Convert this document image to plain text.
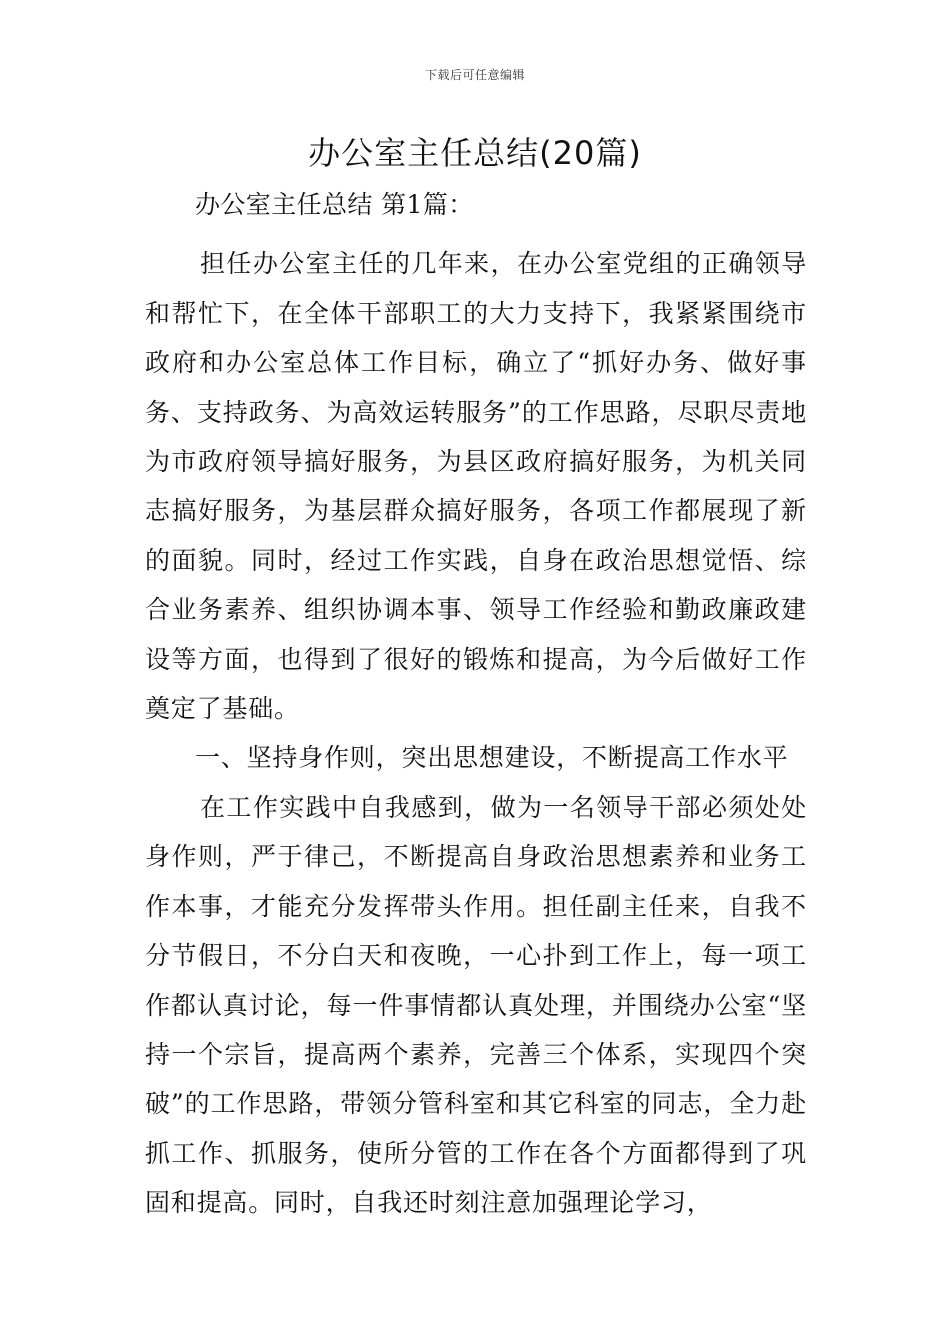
下载后可任意编辑
办公室主任总结(20篇)

办公室主任总结 第1篇：

担任办公室主任的几年来，在办公室党组的正确领导和帮忙下，在全体干部职工的大力支持下，我紧紧围绕市政府和办公室总体工作目标，确立了“抓好办务、做好事务、支持政务、为高效运转服务”的工作思路，尽职尽责地为市政府领导搞好服务，为县区政府搞好服务，为机关同志搞好服务，为基层群众搞好服务，各项工作都展现了新的面貌。同时，经过工作实践，自身在政治思想觉悟、综合业务素养、组织协调本事、领导工作经验和勤政廉政建设等方面，也得到了很好的锻炼和提高，为今后做好工作奠定了基础。

一、坚持身作则，突出思想建设，不断提高工作水平

在工作实践中自我感到，做为一名领导干部必须处处身作则，严于律己，不断提高自身政治思想素养和业务工作本事，才能充分发挥带头作用。担任副主任来，自我不分节假日，不分白天和夜晚，一心扑到工作上，每一项工作都认真讨论，每一件事情都认真处理，并围绕办公室“坚持一个宗旨，提高两个素养，完善三个体系，实现四个突破”的工作思路，带领分管科室和其它科室的同志，全力赴抓工作、抓服务，使所分管的工作在各个方面都得到了巩固和提高。同时，自我还时刻注意加强理论学习，
